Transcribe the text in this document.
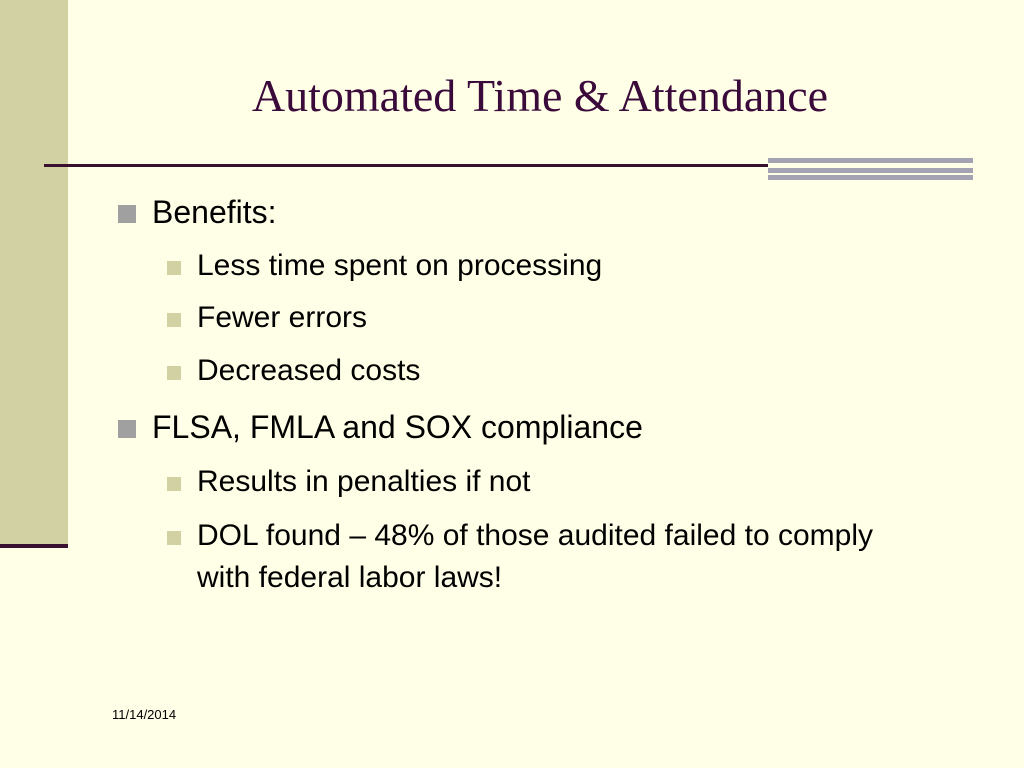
Automated Time & Attendance
Benefits:
Less time spent on processing
Fewer errors
Decreased costs
FLSA, FMLA and SOX compliance
Results in penalties if not
DOL found – 48% of those audited failed to comply with federal labor laws!
11/14/2014
